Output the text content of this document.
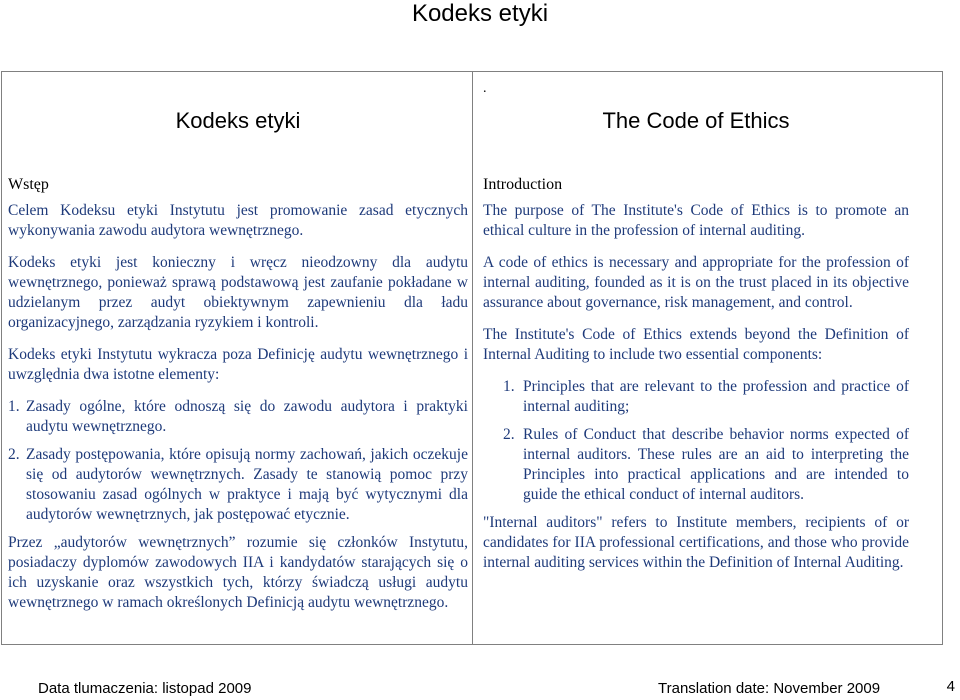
Kodeks etyki
Kodeks etyki
Wstęp

Celem Kodeksu etyki Instytutu jest promowanie zasad etycznych wykonywania zawodu audytora wewnętrznego.

Kodeks etyki jest konieczny i wręcz nieodzowny dla audytu wewnętrznego, ponieważ sprawą podstawową jest zaufanie pokładane w udzielanym przez audyt obiektywnym zapewnieniu dla ładu organizacyjnego, zarządzania ryzykiem i kontroli.

Kodeks etyki Instytutu wykracza poza Definicję audytu wewnętrznego i uwzględnia dwa istotne elementy:

1. Zasady ogólne, które odnoszą się do zawodu audytora i praktyki audytu wewnętrznego.
2. Zasady postępowania, które opisują normy zachowań, jakich oczekuje się od audytorów wewnętrznych. Zasady te stanowią pomoc przy stosowaniu zasad ogólnych w praktyce i mają być wytycznymi dla audytorów wewnętrznych, jak postępować etycznie.

Przez „audytorów wewnętrznych” rozumie się członków Instytutu, posiadaczy dyplomów zawodowych IIA i kandydatów starających się o ich uzyskanie oraz wszystkich tych, którzy świadczą usługi audytu wewnętrznego w ramach określonych Definicją audytu wewnętrznego.

.
The Code of Ethics
Introduction

The purpose of The Institute's Code of Ethics is to promote an ethical culture in the profession of internal auditing.

A code of ethics is necessary and appropriate for the profession of internal auditing, founded as it is on the trust placed in its objective assurance about governance, risk management, and control.

The Institute's Code of Ethics extends beyond the Definition of Internal Auditing to include two essential components:

1. Principles that are relevant to the profession and practice of internal auditing;
2. Rules of Conduct that describe behavior norms expected of internal auditors. These rules are an aid to interpreting the Principles into practical applications and are intended to guide the ethical conduct of internal auditors.

"Internal auditors" refers to Institute members, recipients of or candidates for IIA professional certifications, and those who provide internal auditing services within the Definition of Internal Auditing.

Data tlumaczenia: listopad 2009	Translation date: November 2009	4
